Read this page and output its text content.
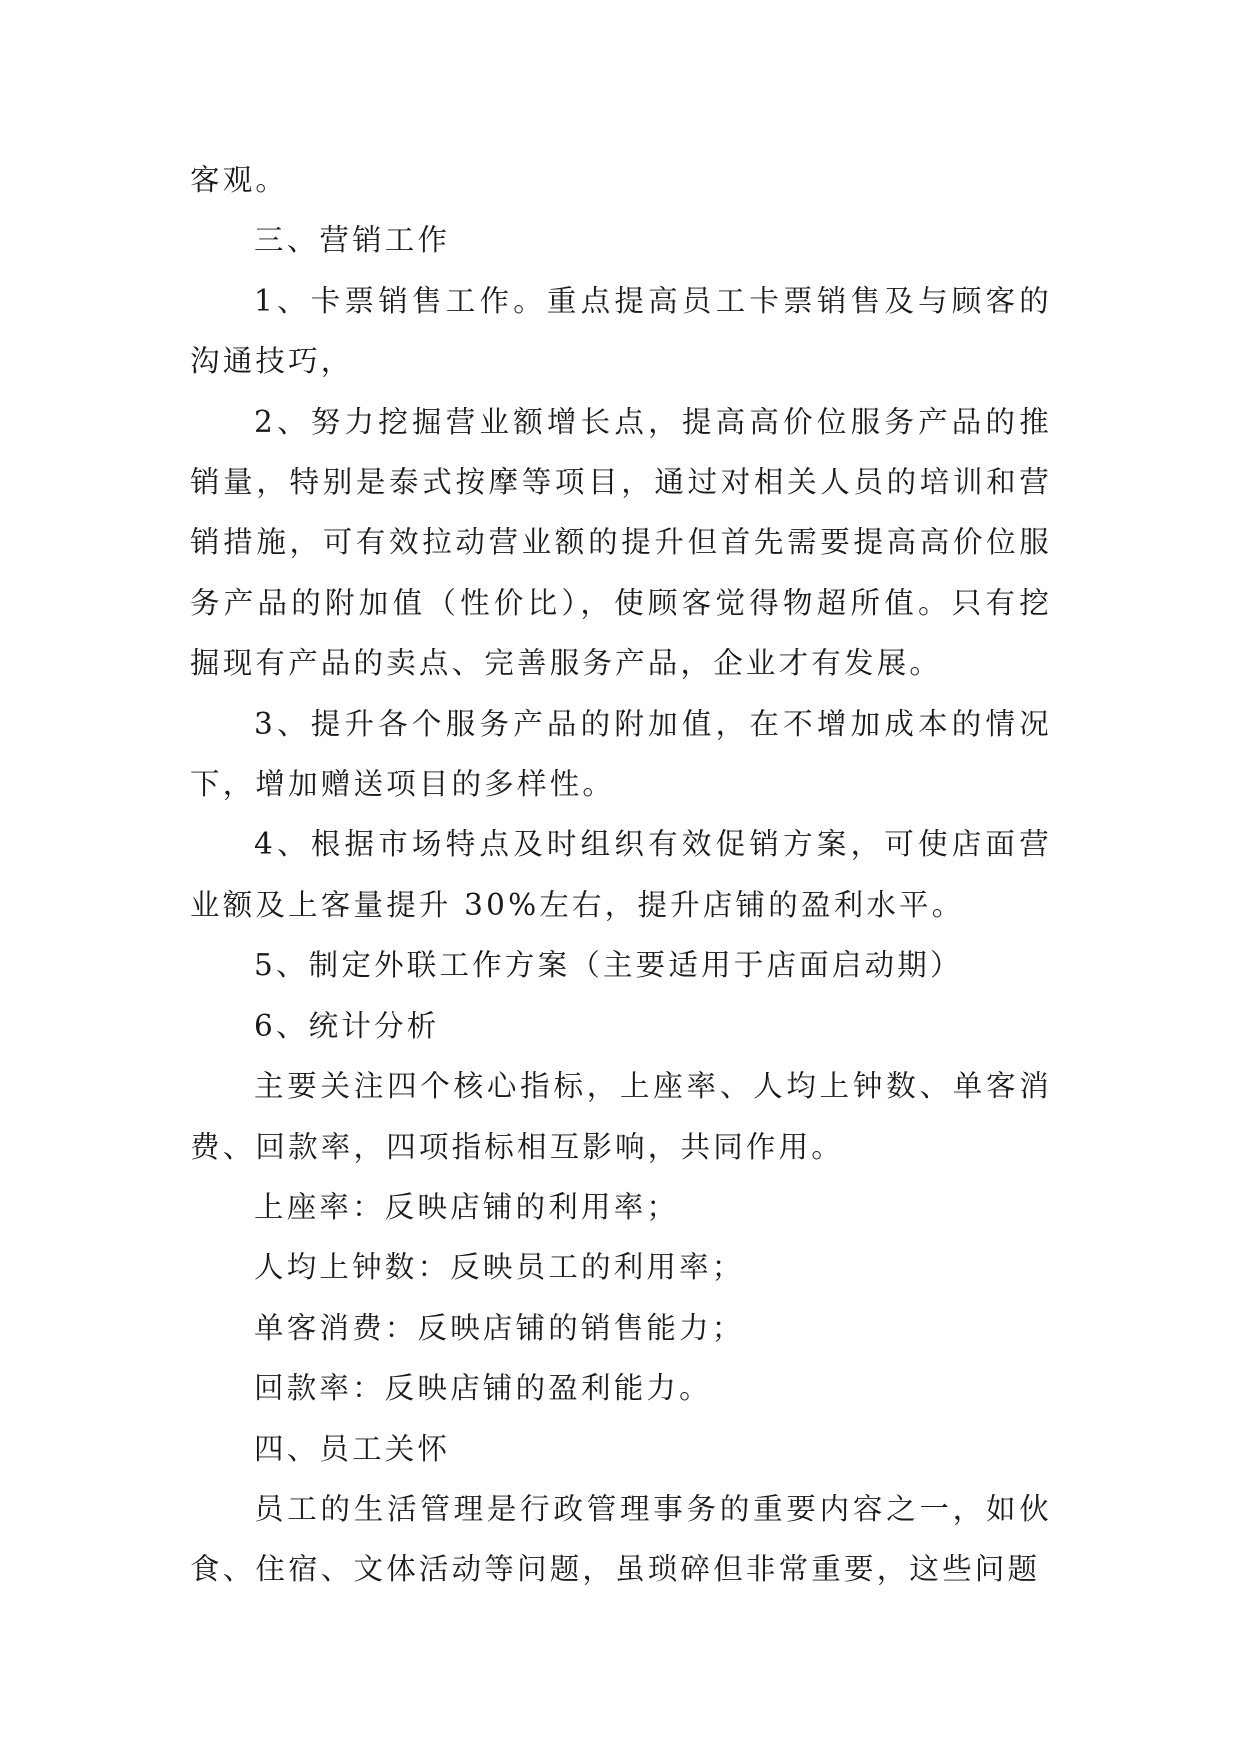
客观。

三、营销工作

1、卡票销售工作。重点提高员工卡票销售及与顾客的沟通技巧，

2、努力挖掘营业额增长点，提高高价位服务产品的推销量，特别是泰式按摩等项目，通过对相关人员的培训和营销措施，可有效拉动营业额的提升但首先需要提高高价位服务产品的附加值（性价比），使顾客觉得物超所值。只有挖掘现有产品的卖点、完善服务产品，企业才有发展。

3、提升各个服务产品的附加值，在不增加成本的情况下，增加赠送项目的多样性。

4、根据市场特点及时组织有效促销方案，可使店面营业额及上客量提升 30%左右，提升店铺的盈利水平。

5、制定外联工作方案（主要适用于店面启动期）

6、统计分析

主要关注四个核心指标，上座率、人均上钟数、单客消费、回款率，四项指标相互影响，共同作用。

上座率：反映店铺的利用率；

人均上钟数：反映员工的利用率；

单客消费：反映店铺的销售能力；

回款率：反映店铺的盈利能力。

四、员工关怀

员工的生活管理是行政管理事务的重要内容之一，如伙食、住宿、文体活动等问题，虽琐碎但非常重要，这些问题
